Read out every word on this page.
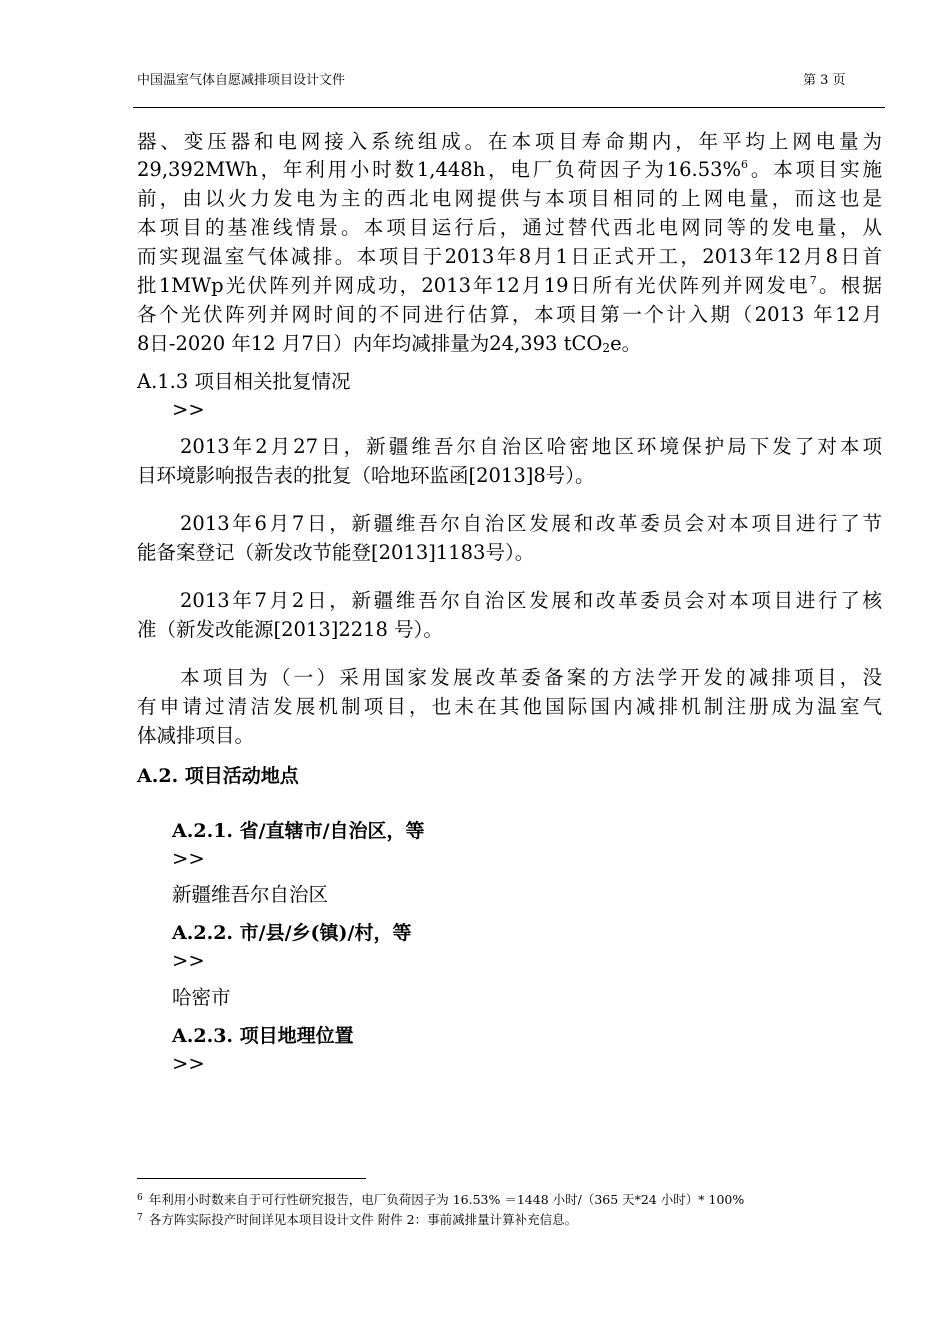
中国温室气体自愿减排项目设计文件	第 3 页
器、变压器和电网接入系统组成。在本项目寿命期内，年平均上网电量为
29,392MWh，年利用小时数1,448h，电厂负荷因子为16.53%$^6$。本项目实施
前，由以火力发电为主的西北电网提供与本项目相同的上网电量，而这也是
本项目的基准线情景。本项目运行后，通过替代西北电网同等的发电量，从
而实现温室气体减排。本项目于2013年8月1日正式开工，2013年12月8日首
批1MWp光伏阵列并网成功，2013年12月19日所有光伏阵列并网发电$^7$。根据
各个光伏阵列并网时间的不同进行估算，本项目第一个计入期（2013 年12月
8日-2020 年12 月7日）内年均减排量为24,393 tCO$_2$e。
A.1.3 项目相关批复情况
>>
2013年2月27日，新疆维吾尔自治区哈密地区环境保护局下发了对本项
目环境影响报告表的批复（哈地环监函[2013]8号）。
2013年6月7日，新疆维吾尔自治区发展和改革委员会对本项目进行了节
能备案登记（新发改节能登[2013]1183号）。
2013年7月2日，新疆维吾尔自治区发展和改革委员会对本项目进行了核
准（新发改能源[2013]2218 号）。
本项目为（一）采用国家发展改革委备案的方法学开发的减排项目，没
有申请过清洁发展机制项目，也未在其他国际国内减排机制注册成为温室气
体减排项目。
A.2. 项目活动地点
A.2.1. 省/直辖市/自治区，等
>>
新疆维吾尔自治区
A.2.2. 市/县/乡(镇)/村，等
>>
哈密市
A.2.3. 项目地理位置
>>
$^6$ 年利用小时数来自于可行性研究报告，电厂负荷因子为 16.53% ＝1448 小时/（365 天*24 小时）* 100%
$^7$ 各方阵实际投产时间详见本项目设计文件 附件 2：事前减排量计算补充信息。
